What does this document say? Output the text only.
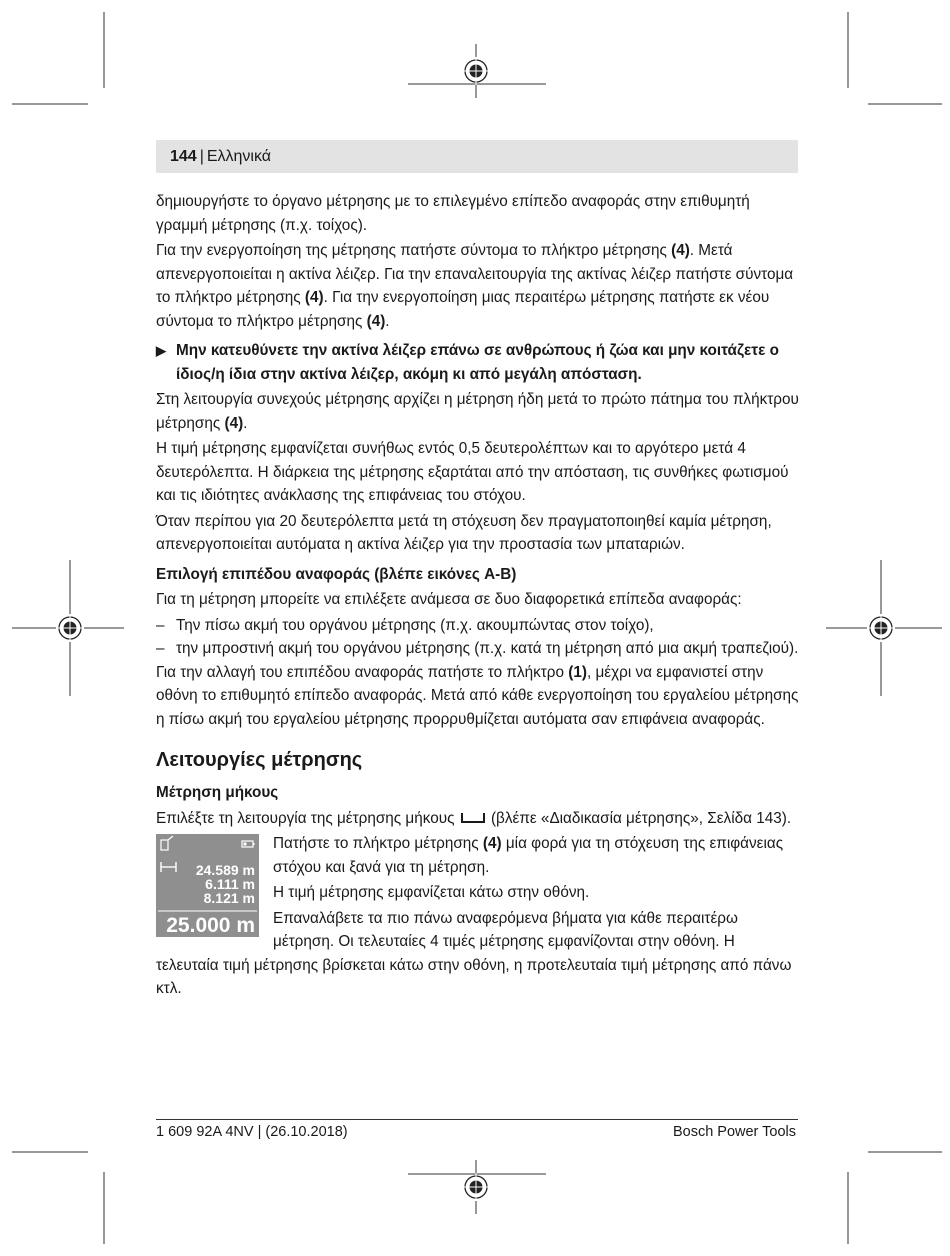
144 | Ελληνικά

δημιουργήστε το όργανο μέτρησης με το επιλεγμένο επίπεδο αναφοράς στην επιθυμητή γραμμή μέτρησης (π.χ. τοίχος).

Για την ενεργοποίηση της μέτρησης πατήστε σύντομα το πλήκτρο μέτρησης (4). Μετά απενεργοποιείται η ακτίνα λέιζερ. Για την επαναλειτουργία της ακτίνας λέιζερ πατήστε σύντομα το πλήκτρο μέτρησης (4). Για την ενεργοποίηση μιας περαιτέρω μέτρησης πατήστε εκ νέου σύντομα το πλήκτρο μέτρησης (4).

▶ Μην κατευθύνετε την ακτίνα λέιζερ επάνω σε ανθρώπους ή ζώα και μην κοιτάζετε ο ίδιος/η ίδια στην ακτίνα λέιζερ, ακόμη κι από μεγάλη απόσταση.

Στη λειτουργία συνεχούς μέτρησης αρχίζει η μέτρηση ήδη μετά το πρώτο πάτημα του πλήκτρου μέτρησης (4).

Η τιμή μέτρησης εμφανίζεται συνήθως εντός 0,5 δευτερολέπτων και το αργότερο μετά 4 δευτερόλεπτα. Η διάρκεια της μέτρησης εξαρτάται από την απόσταση, τις συνθήκες φωτισμού και τις ιδιότητες ανάκλασης της επιφάνειας του στόχου.

Όταν περίπου για 20 δευτερόλεπτα μετά τη στόχευση δεν πραγματοποιηθεί καμία μέτρηση, απενεργοποιείται αυτόματα η ακτίνα λέιζερ για την προστασία των μπαταριών.

Επιλογή επιπέδου αναφοράς (βλέπε εικόνες A-B)

Για τη μέτρηση μπορείτε να επιλέξετε ανάμεσα σε δυο διαφορετικά επίπεδα αναφοράς:

– Την πίσω ακμή του οργάνου μέτρησης (π.χ. ακουμπώντας στον τοίχο),
– την μπροστινή ακμή του οργάνου μέτρησης (π.χ. κατά τη μέτρηση από μια ακμή τραπεζιού).

Για την αλλαγή του επιπέδου αναφοράς πατήστε το πλήκτρο (1), μέχρι να εμφανιστεί στην οθόνη το επιθυμητό επίπεδο αναφοράς. Μετά από κάθε ενεργοποίηση του εργαλείου μέτρησης η πίσω ακμή του εργαλείου μέτρησης προρρυθμίζεται αυτόματα σαν επιφάνεια αναφοράς.

Λειτουργίες μέτρησης
Μέτρηση μήκους

Επιλέξτε τη λειτουργία της μέτρησης μήκους  (βλέπε «Διαδικασία μέτρησης», Σελίδα 143).

24.589 m
6.111 m
8.121 m
25.000 m

Πατήστε το πλήκτρο μέτρησης (4) μία φορά για τη στόχευση της επιφάνειας στόχου και ξανά για τη μέτρηση.

Η τιμή μέτρησης εμφανίζεται κάτω στην οθόνη.

Επαναλάβετε τα πιο πάνω αναφερόμενα βήματα για κάθε περαιτέρω μέτρηση. Οι τελευταίες 4 τιμές μέτρησης εμφανίζονται στην οθόνη. Η τελευταία τιμή μέτρησης βρίσκεται κάτω στην οθόνη, η προτελευταία τιμή μέτρησης από πάνω κτλ.

1 609 92A 4NV | (26.10.2018)	Bosch Power Tools
